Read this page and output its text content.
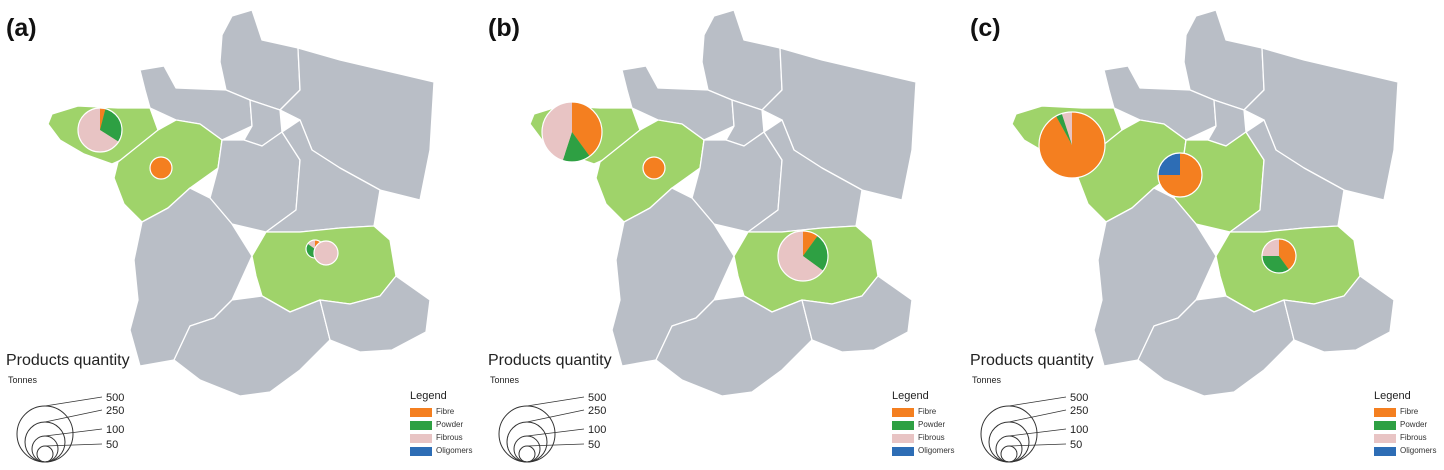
500
250
100
50
(a)
Products quantity
Tonnes
Legend
Fibre
Powder
Fibrous
Oligomers
500
250
100
50
(b)
Products quantity
Tonnes
Legend
Fibre
Powder
Fibrous
Oligomers
500
250
100
50
(c)
Products quantity
Tonnes
Legend
Fibre
Powder
Fibrous
Oligomers
